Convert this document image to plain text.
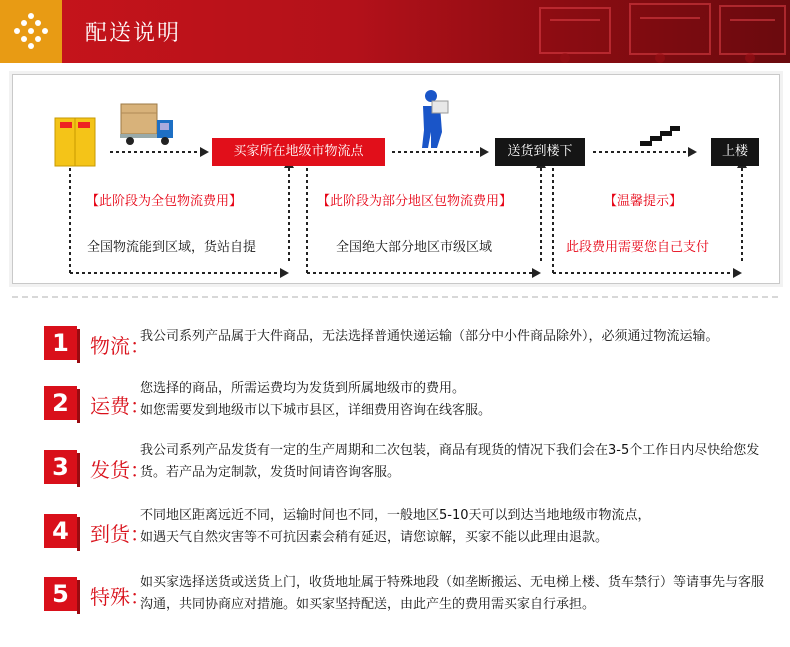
配送说明
买家所在地级市物流点	送货到楼下	上楼
【此阶段为全包物流费用】	【此阶段为部分地区包物流费用】	【温馨提示】
全国物流能到区域，货站自提	全国绝大部分地区市级区域	此段费用需要您自己支付
1	物流：
我公司系列产品属于大件商品，无法选择普通快递运输（部分中小件商品除外），必须通过物流运输。
2	运费：
您选择的商品，所需运费均为发货到所属地级市的费用。
如您需要发到地级市以下城市县区，详细费用咨询在线客服。
3	发货：
我公司系列产品发货有一定的生产周期和二次包装，商品有现货的情况下我们会在3-5个工作日内尽快给您发货。若产品为定制款，发货时间请咨询客服。
4	到货：
不同地区距离远近不同，运输时间也不同，一般地区5-10天可以到达当地地级市物流点，
如遇天气自然灾害等不可抗因素会稍有延迟，请您谅解，买家不能以此理由退款。
5	特殊：
如买家选择送货或送货上门，收货地址属于特殊地段（如垄断搬运、无电梯上楼、货车禁行）等请事先与客服沟通，共同协商应对措施。如买家坚持配送，由此产生的费用需买家自行承担。
